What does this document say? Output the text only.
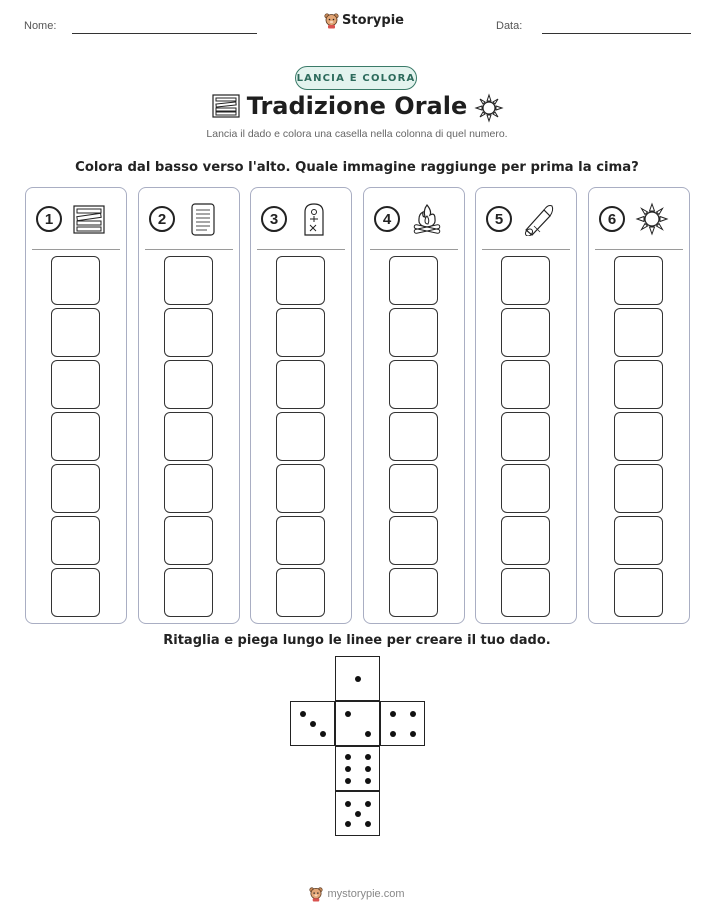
Nome:	Data:
Storypie
LANCIA E COLORA
Tradizione Orale
Lancia il dado e colora una casella nella colonna di quel numero.
Colora dal basso verso l'alto. Quale immagine raggiunge per prima la cima?
1	2	3	4	5	6
Ritaglia e piega lungo le linee per creare il tuo dado.
mystorypie.com
